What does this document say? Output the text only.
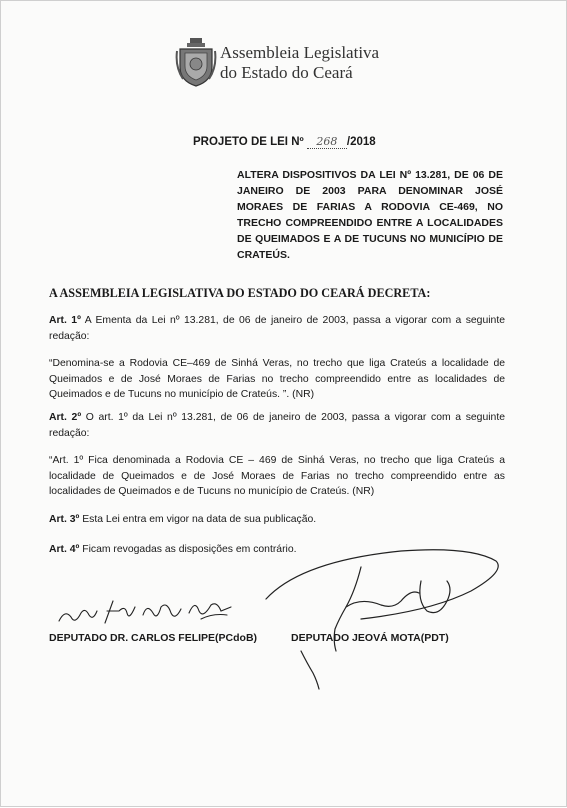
Assembleia Legislativa
do Estado do Ceará
PROJETO DE LEI Nº 268 /2018
ALTERA DISPOSITIVOS DA LEI Nº 13.281, DE 06 DE JANEIRO DE 2003 PARA DENOMINAR JOSÉ MORAES DE FARIAS A RODOVIA CE-469, NO TRECHO COMPREENDIDO ENTRE A LOCALIDADES DE QUEIMADOS E A DE TUCUNS NO MUNICÍPIO DE CRATEÚS.
A ASSEMBLEIA LEGISLATIVA DO ESTADO DO CEARÁ DECRETA:

Art. 1º A Ementa da Lei nº 13.281, de 06 de janeiro de 2003, passa a vigorar com a seguinte redação:

“Denomina-se a Rodovia CE–469 de Sinhá Veras, no trecho que liga Crateús a localidade de Queimados e de José Moraes de Farias no trecho compreendido entre as localidades de Queimados e de Tucuns no município de Crateús. ”. (NR)

Art. 2º O art. 1º da Lei nº 13.281, de 06 de janeiro de 2003, passa a vigorar com a seguinte redação:

“Art. 1º Fica denominada a Rodovia CE – 469 de Sinhá Veras, no trecho que liga Crateús a localidade de Queimados e de José Moraes de Farias no trecho compreendido entre as localidades de Queimados e de Tucuns no município de Crateús. (NR)

Art. 3º Esta Lei entra em vigor na data de sua publicação.

Art. 4º Ficam revogadas as disposições em contrário.

DEPUTADO DR. CARLOS FELIPE(PCdoB)	DEPUTADO JEOVÁ MOTA(PDT)
